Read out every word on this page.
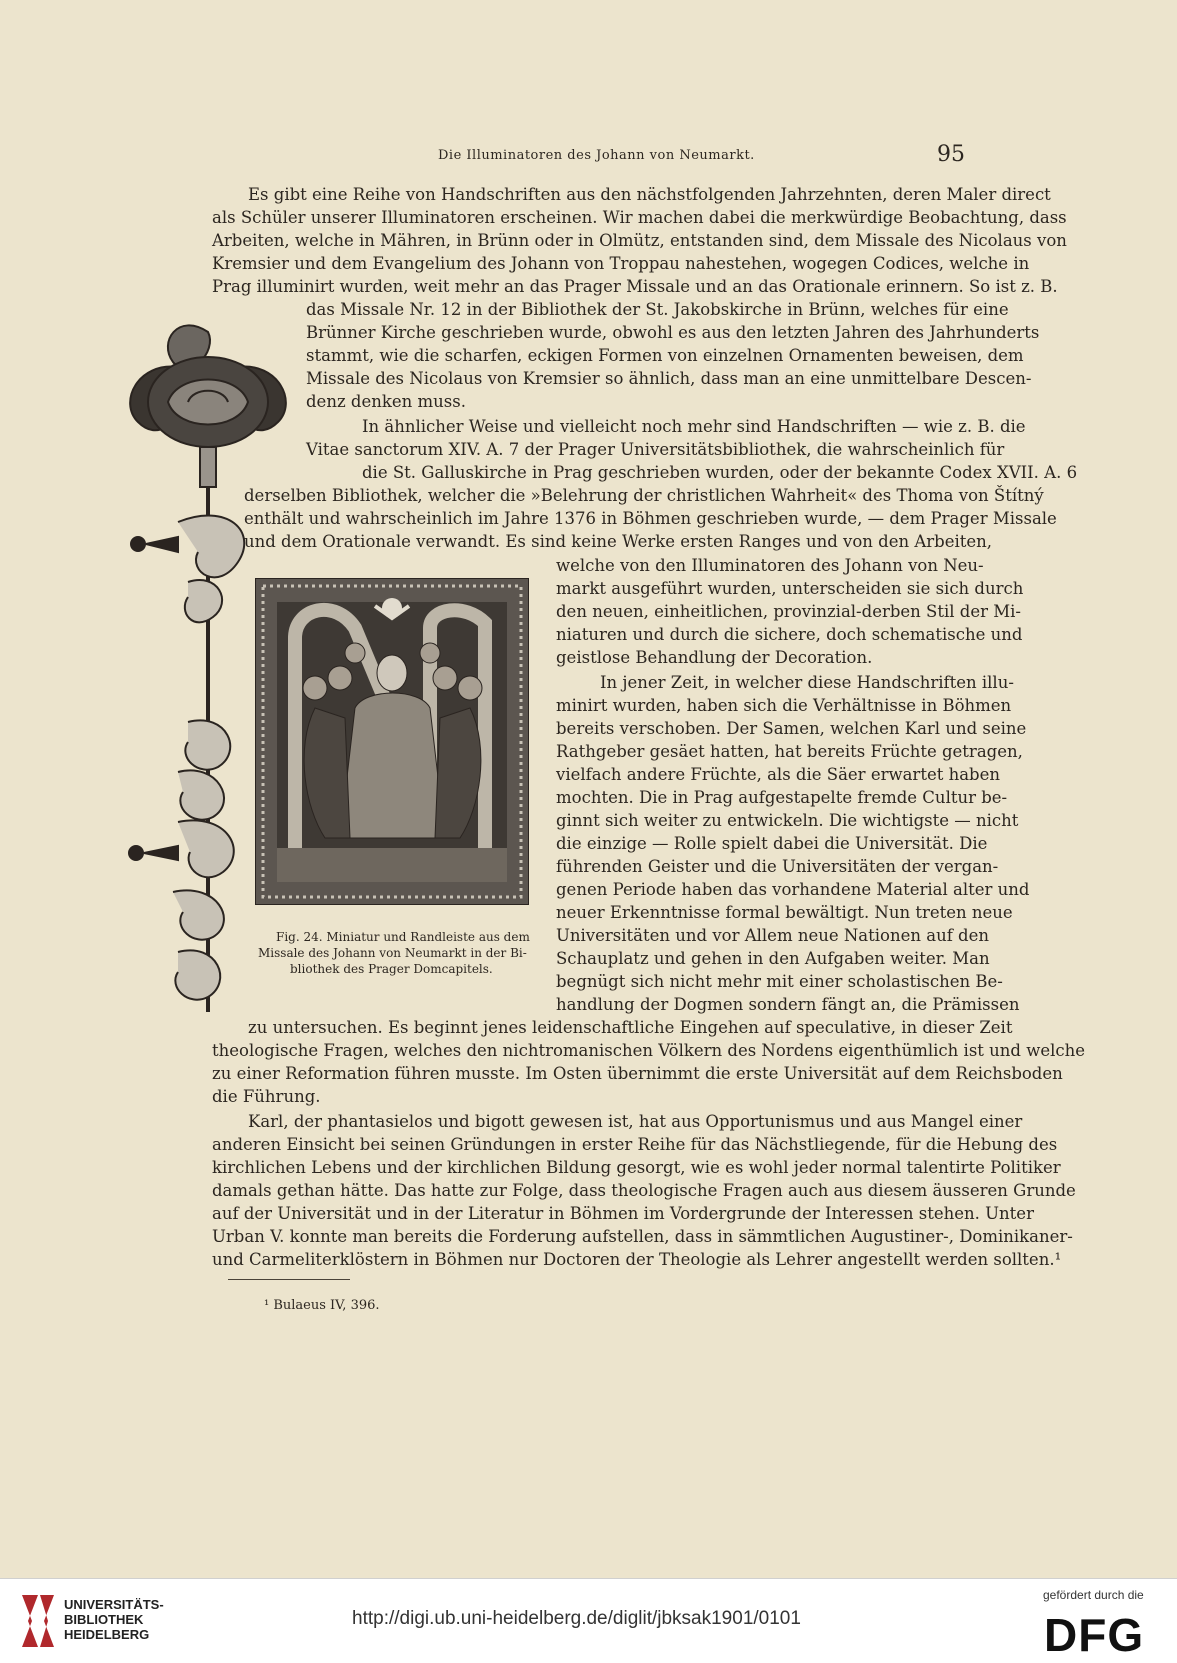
Die Illuminatoren des Johann von Neumarkt.	95
Es gibt eine Reihe von Handschriften aus den nächstfolgenden Jahrzehnten, deren Maler direct
als Schüler unserer Illuminatoren erscheinen. Wir machen dabei die merkwürdige Beobachtung, dass
Arbeiten, welche in Mähren, in Brünn oder in Olmütz, entstanden sind, dem Missale des Nicolaus von
Kremsier und dem Evangelium des Johann von Troppau nahestehen, wogegen Codices, welche in
Prag illuminirt wurden, weit mehr an das Prager Missale und an das Orationale erinnern. So ist z. B.
das Missale Nr. 12 in der Bibliothek der St. Jakobskirche in Brünn, welches für eine
Brünner Kirche geschrieben wurde, obwohl es aus den letzten Jahren des Jahrhunderts
stammt, wie die scharfen, eckigen Formen von einzelnen Ornamenten beweisen, dem
Missale des Nicolaus von Kremsier so ähnlich, dass man an eine unmittelbare Descen-
denz denken muss.
In ähnlicher Weise und vielleicht noch mehr sind Handschriften — wie z. B. die
Vitae sanctorum XIV. A. 7 der Prager Universitätsbibliothek, die wahrscheinlich für
die St. Galluskirche in Prag geschrieben wurden, oder der bekannte Codex XVII. A. 6
derselben Bibliothek, welcher die »Belehrung der christlichen Wahrheit« des Thoma von Štítný
enthält und wahrscheinlich im Jahre 1376 in Böhmen geschrieben wurde, — dem Prager Missale
und dem Orationale verwandt. Es sind keine Werke ersten Ranges und von den Arbeiten,
welche von den Illuminatoren des Johann von Neu-
markt ausgeführt wurden, unterscheiden sie sich durch
den neuen, einheitlichen, provinzial-derben Stil der Mi-
niaturen und durch die sichere, doch schematische und
geistlose Behandlung der Decoration.
In jener Zeit, in welcher diese Handschriften illu-
minirt wurden, haben sich die Verhältnisse in Böhmen
bereits verschoben. Der Samen, welchen Karl und seine
Rathgeber gesäet hatten, hat bereits Früchte getragen,
vielfach andere Früchte, als die Säer erwartet haben
mochten. Die in Prag aufgestapelte fremde Cultur be-
ginnt sich weiter zu entwickeln. Die wichtigste — nicht
die einzige — Rolle spielt dabei die Universität. Die
führenden Geister und die Universitäten der vergan-
genen Periode haben das vorhandene Material alter und
neuer Erkenntnisse formal bewältigt. Nun treten neue
Universitäten und vor Allem neue Nationen auf den
Schauplatz und gehen in den Aufgaben weiter. Man
begnügt sich nicht mehr mit einer scholastischen Be-
handlung der Dogmen sondern fängt an, die Prämissen
zu untersuchen. Es beginnt jenes leidenschaftliche Eingehen auf speculative, in dieser Zeit
theologische Fragen, welches den nichtromanischen Völkern des Nordens eigenthümlich ist und welche
zu einer Reformation führen musste. Im Osten übernimmt die erste Universität auf dem Reichsboden
die Führung.
Karl, der phantasielos und bigott gewesen ist, hat aus Opportunismus und aus Mangel einer
anderen Einsicht bei seinen Gründungen in erster Reihe für das Nächstliegende, für die Hebung des
kirchlichen Lebens und der kirchlichen Bildung gesorgt, wie es wohl jeder normal talentirte Politiker
damals gethan hätte. Das hatte zur Folge, dass theologische Fragen auch aus diesem äusseren Grunde
auf der Universität und in der Literatur in Böhmen im Vordergrunde der Interessen stehen. Unter
Urban V. konnte man bereits die Forderung aufstellen, dass in sämmtlichen Augustiner-, Dominikaner-
und Carmeliterklöstern in Böhmen nur Doctoren der Theologie als Lehrer angestellt werden sollten.¹
Fig. 24. Miniatur und Randleiste aus dem
Missale des Johann von Neumarkt in der Bi-
bliothek des Prager Domcapitels.
¹ Bulaeus IV, 396.
UNIVERSITÄTS-
BIBLIOTHEK
HEIDELBERG
http://digi.ub.uni-heidelberg.de/diglit/jbksak1901/0101
gefördert durch die
DFG
